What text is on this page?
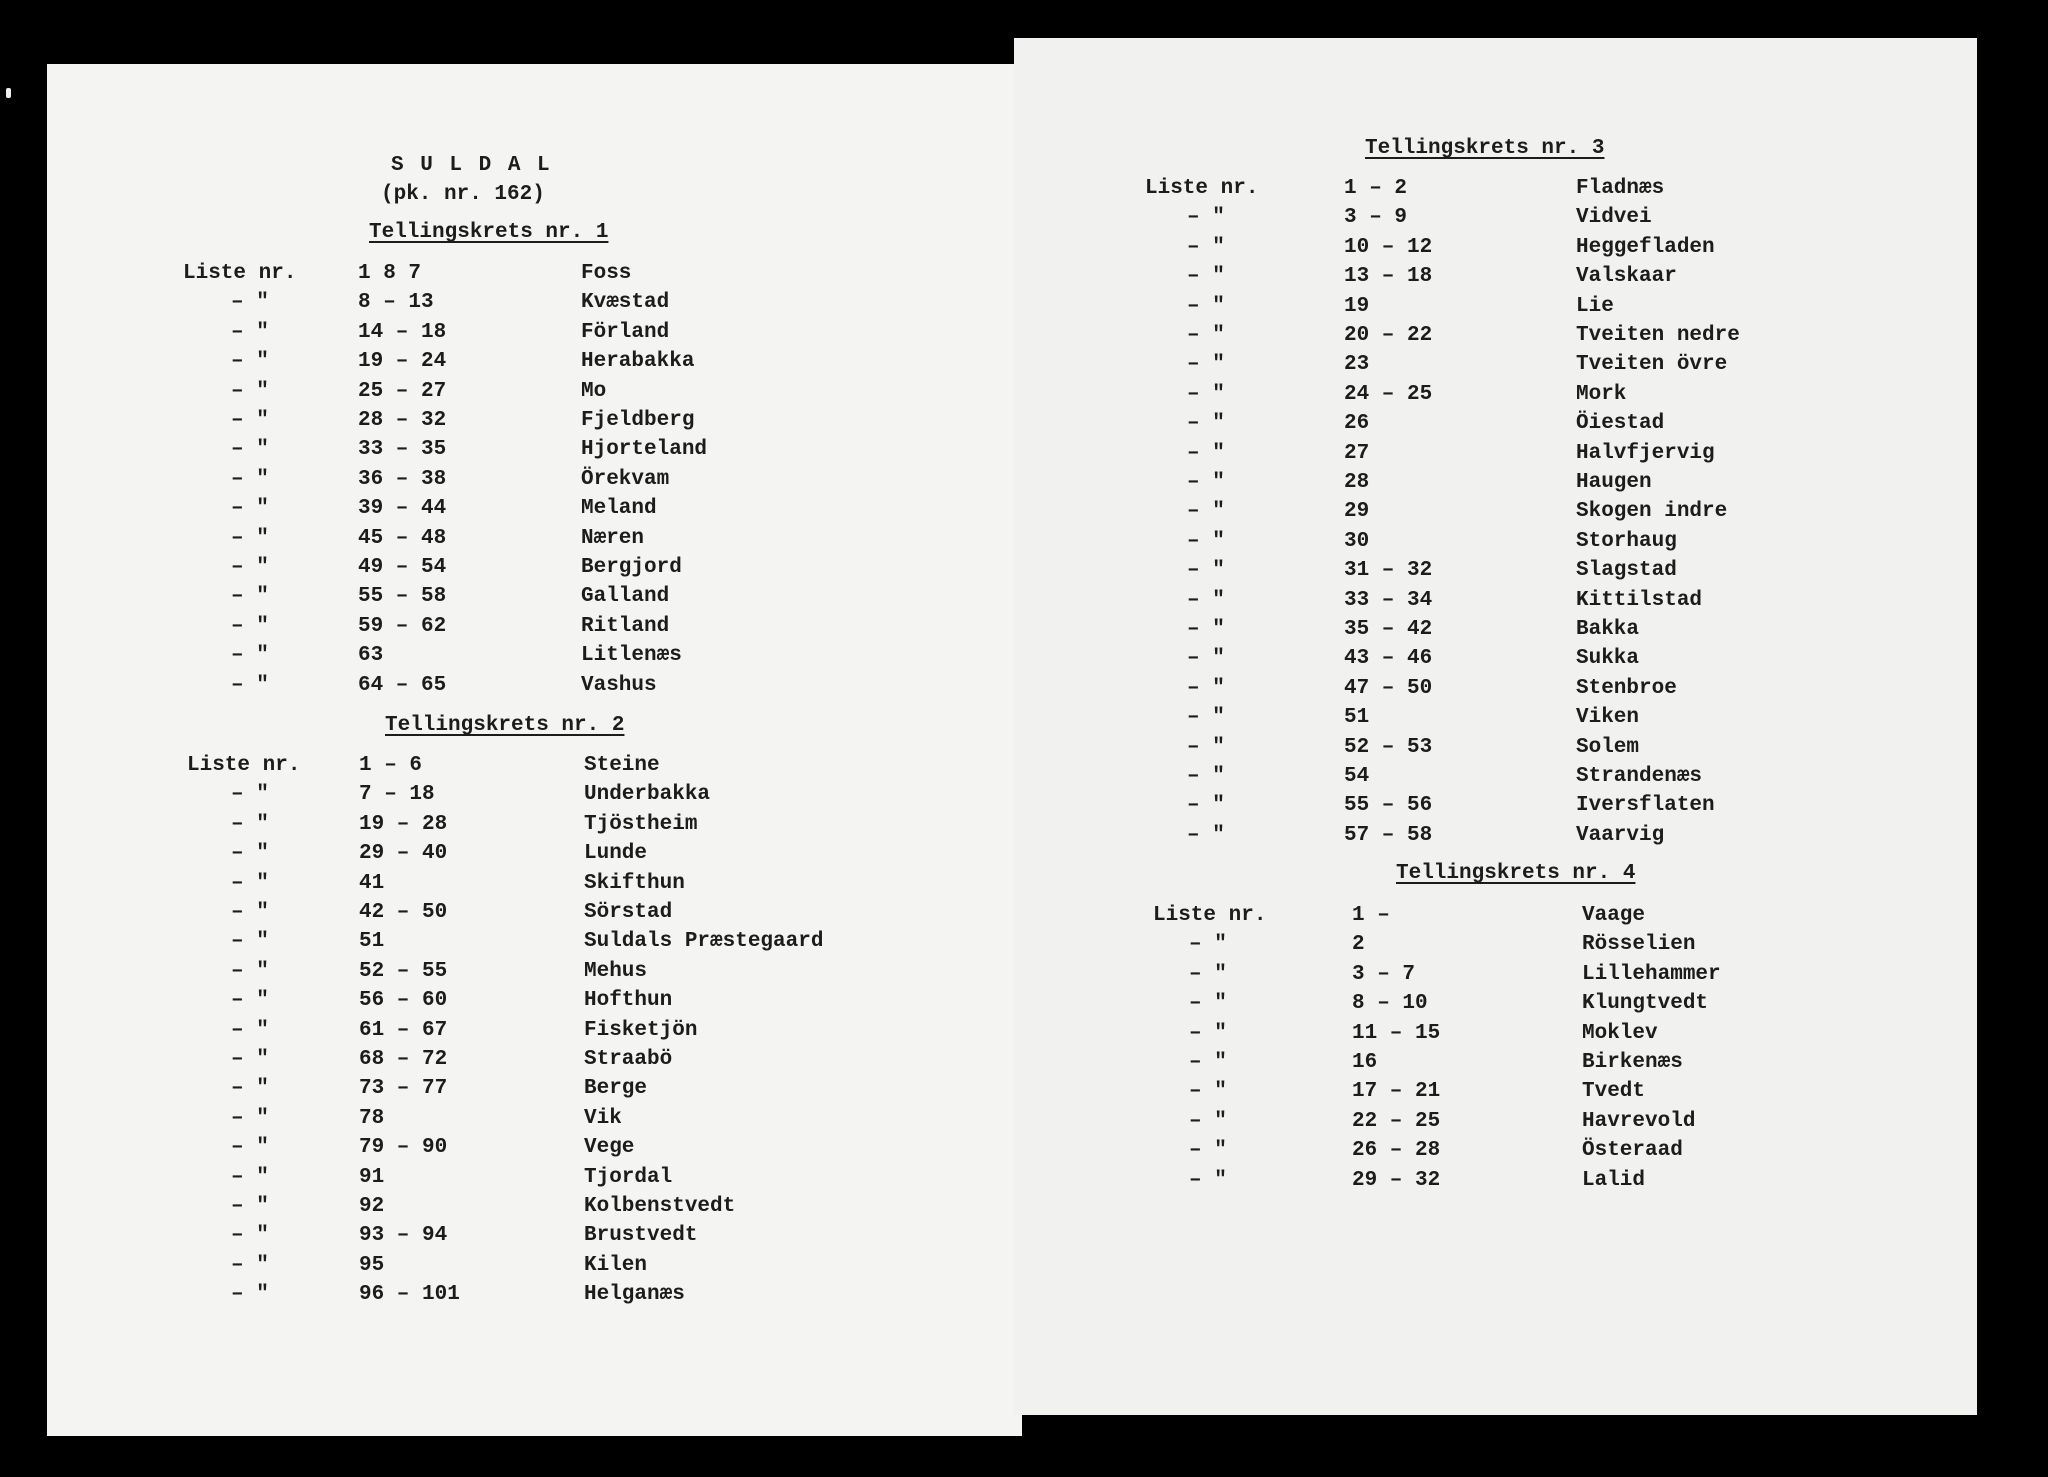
S U L D A L
(pk. nr. 162)
Tellingskrets nr. 1
Liste nr.	1 8 7	Foss
– "	8 – 13	Kvæstad
– "	14 – 18	Förland
– "	19 – 24	Herabakka
– "	25 – 27	Mo
– "	28 – 32	Fjeldberg
– "	33 – 35	Hjorteland
– "	36 – 38	Örekvam
– "	39 – 44	Meland
– "	45 – 48	Næren
– "	49 – 54	Bergjord
– "	55 – 58	Galland
– "	59 – 62	Ritland
– "	63	Litlenæs
– "	64 – 65	Vashus
Tellingskrets nr. 2
Liste nr.	1 – 6	Steine
– "	7 – 18	Underbakka
– "	19 – 28	Tjöstheim
– "	29 – 40	Lunde
– "	41	Skifthun
– "	42 – 50	Sörstad
– "	51	Suldals Præstegaard
– "	52 – 55	Mehus
– "	56 – 60	Hofthun
– "	61 – 67	Fisketjön
– "	68 – 72	Straabö
– "	73 – 77	Berge
– "	78	Vik
– "	79 – 90	Vege
– "	91	Tjordal
– "	92	Kolbenstvedt
– "	93 – 94	Brustvedt
– "	95	Kilen
– "	96 – 101	Helganæs
Tellingskrets nr. 3
Liste nr.	1 – 2	Fladnæs
– "	3 – 9	Vidvei
– "	10 – 12	Heggefladen
– "	13 – 18	Valskaar
– "	19	Lie
– "	20 – 22	Tveiten nedre
– "	23	Tveiten övre
– "	24 – 25	Mork
– "	26	Öiestad
– "	27	Halvfjervig
– "	28	Haugen
– "	29	Skogen indre
– "	30	Storhaug
– "	31 – 32	Slagstad
– "	33 – 34	Kittilstad
– "	35 – 42	Bakka
– "	43 – 46	Sukka
– "	47 – 50	Stenbroe
– "	51	Viken
– "	52 – 53	Solem
– "	54	Strandenæs
– "	55 – 56	Iversflaten
– "	57 – 58	Vaarvig
Tellingskrets nr. 4
Liste nr.	1 –	Vaage
– "	2	Rösselien
– "	3 – 7	Lillehammer
– "	8 – 10	Klungtvedt
– "	11 – 15	Moklev
– "	16	Birkenæs
– "	17 – 21	Tvedt
– "	22 – 25	Havrevold
– "	26 – 28	Österaad
– "	29 – 32	Lalid
